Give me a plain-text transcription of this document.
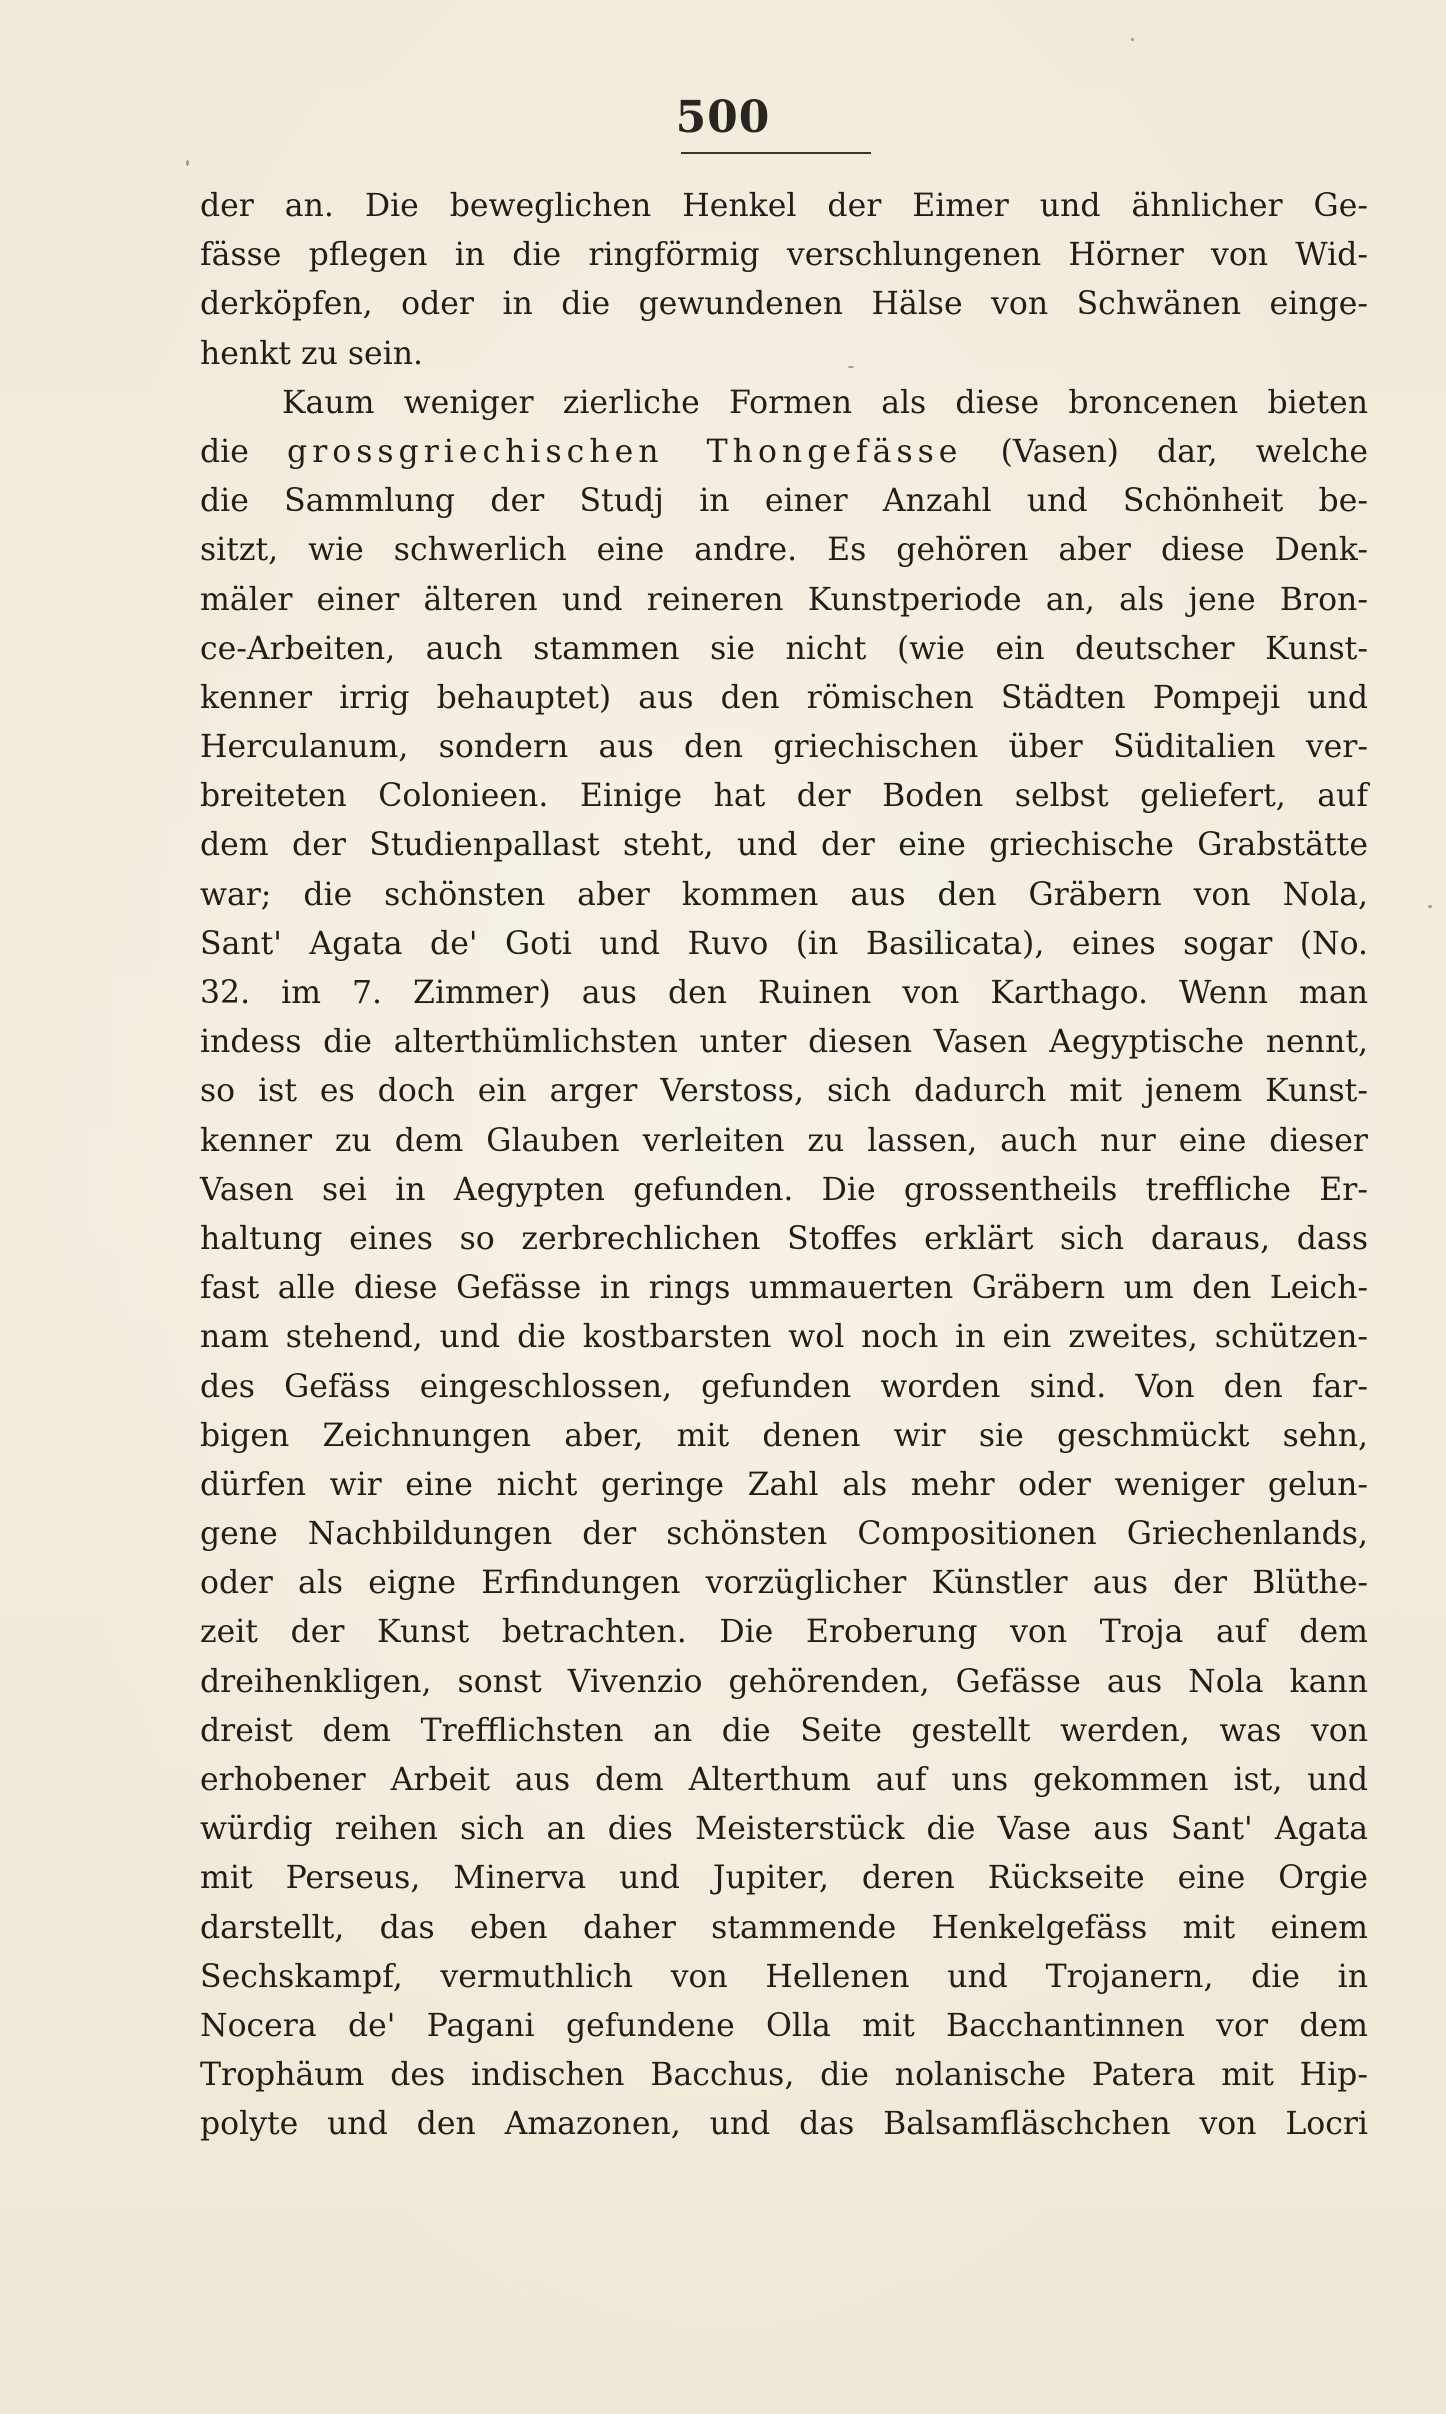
500
der an. Die beweglichen Henkel der Eimer und ähnlicher Ge-
fässe pflegen in die ringförmig verschlungenen Hörner von Wid-
derköpfen, oder in die gewundenen Hälse von Schwänen einge-
henkt zu sein.
Kaum weniger zierliche Formen als diese broncenen bieten
die grossgriechischen Thongefässe (Vasen) dar, welche
die Sammlung der Studj in einer Anzahl und Schönheit be-
sitzt, wie schwerlich eine andre. Es gehören aber diese Denk-
mäler einer älteren und reineren Kunstperiode an, als jene Bron-
ce-Arbeiten, auch stammen sie nicht (wie ein deutscher Kunst-
kenner irrig behauptet) aus den römischen Städten Pompeji und
Herculanum, sondern aus den griechischen über Süditalien ver-
breiteten Colonieen. Einige hat der Boden selbst geliefert, auf
dem der Studienpallast steht, und der eine griechische Grabstätte
war; die schönsten aber kommen aus den Gräbern von Nola,
Sant' Agata de' Goti und Ruvo (in Basilicata), eines sogar (No.
32. im 7. Zimmer) aus den Ruinen von Karthago. Wenn man
indess die alterthümlichsten unter diesen Vasen Aegyptische nennt,
so ist es doch ein arger Verstoss, sich dadurch mit jenem Kunst-
kenner zu dem Glauben verleiten zu lassen, auch nur eine dieser
Vasen sei in Aegypten gefunden. Die grossentheils treffliche Er-
haltung eines so zerbrechlichen Stoffes erklärt sich daraus, dass
fast alle diese Gefässe in rings ummauerten Gräbern um den Leich-
nam stehend, und die kostbarsten wol noch in ein zweites, schützen-
des Gefäss eingeschlossen, gefunden worden sind. Von den far-
bigen Zeichnungen aber, mit denen wir sie geschmückt sehn,
dürfen wir eine nicht geringe Zahl als mehr oder weniger gelun-
gene Nachbildungen der schönsten Compositionen Griechenlands,
oder als eigne Erfindungen vorzüglicher Künstler aus der Blüthe-
zeit der Kunst betrachten. Die Eroberung von Troja auf dem
dreihenkligen, sonst Vivenzio gehörenden, Gefässe aus Nola kann
dreist dem Trefflichsten an die Seite gestellt werden, was von
erhobener Arbeit aus dem Alterthum auf uns gekommen ist, und
würdig reihen sich an dies Meisterstück die Vase aus Sant' Agata
mit Perseus, Minerva und Jupiter, deren Rückseite eine Orgie
darstellt, das eben daher stammende Henkelgefäss mit einem
Sechskampf, vermuthlich von Hellenen und Trojanern, die in
Nocera de' Pagani gefundene Olla mit Bacchantinnen vor dem
Trophäum des indischen Bacchus, die nolanische Patera mit Hip-
polyte und den Amazonen, und das Balsamfläschchen von Locri
